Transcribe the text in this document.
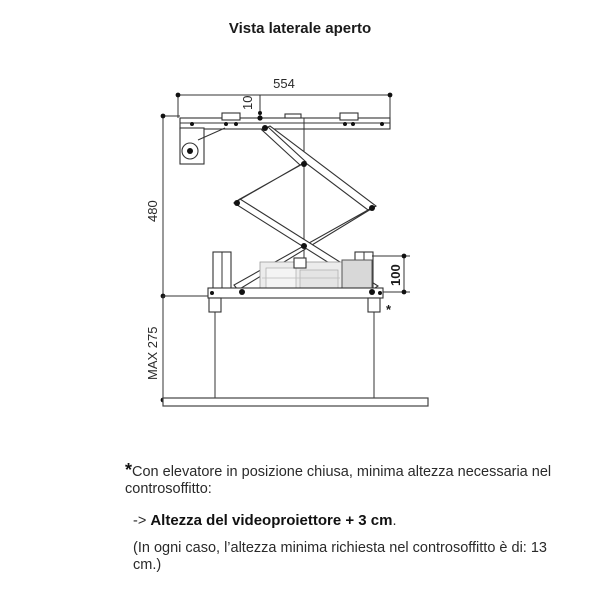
Vista laterale aperto
554
10
480
MAX 275
100
*

*Con elevatore in posizione chiusa, minima altezza necessaria nel controsoffitto:

-> Altezza del videoproiettore + 3 cm.

(In ogni caso, l’altezza minima richiesta nel controsoffitto è di: 13 cm.)
